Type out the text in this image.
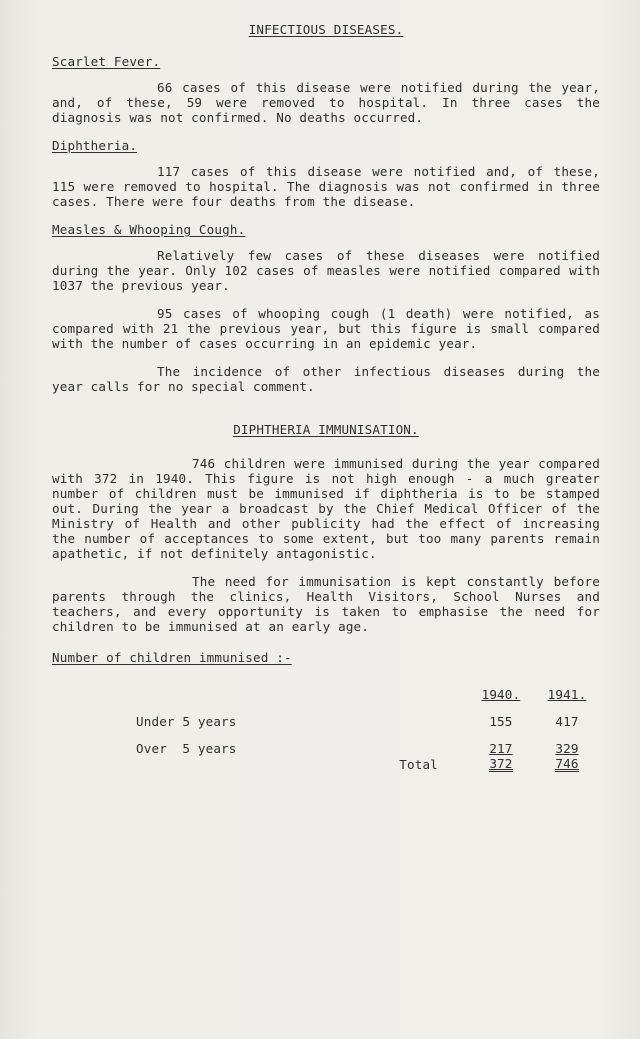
INFECTIOUS DISEASES.
Scarlet Fever.

66 cases of this disease were notified during the year, and, of these, 59 were removed to hospital. In three cases the diagnosis was not confirmed. No deaths occurred.

Diphtheria.

117 cases of this disease were notified and, of these, 115 were removed to hospital. The diagnosis was not confirmed in three cases. There were four deaths from the disease.

Measles & Whooping Cough.

Relatively few cases of these diseases were notified during the year. Only 102 cases of measles were notified compared with 1037 the previous year.

95 cases of whooping cough (1 death) were notified, as compared with 21 the previous year, but this figure is small compared with the number of cases occurring in an epidemic year.

The incidence of other infectious diseases during the year calls for no special comment.

DIPHTHERIA IMMUNISATION.

746 children were immunised during the year compared with 372 in 1940. This figure is not high enough - a much greater number of children must be immunised if diphtheria is to be stamped out. During the year a broadcast by the Chief Medical Officer of the Ministry of Health and other publicity had the effect of increasing the number of acceptances to some extent, but too many parents remain apathetic, if not definitely antagonistic.

The need for immunisation is kept constantly before parents through the clinics, Health Visitors, School Nurses and teachers, and every opportunity is taken to emphasise the need for children to be immunised at an early age.

Number of children immunised :-
		1940.	1941.
Under 5 years		155	417
Over  5 years		217	329
	Total	372	746
